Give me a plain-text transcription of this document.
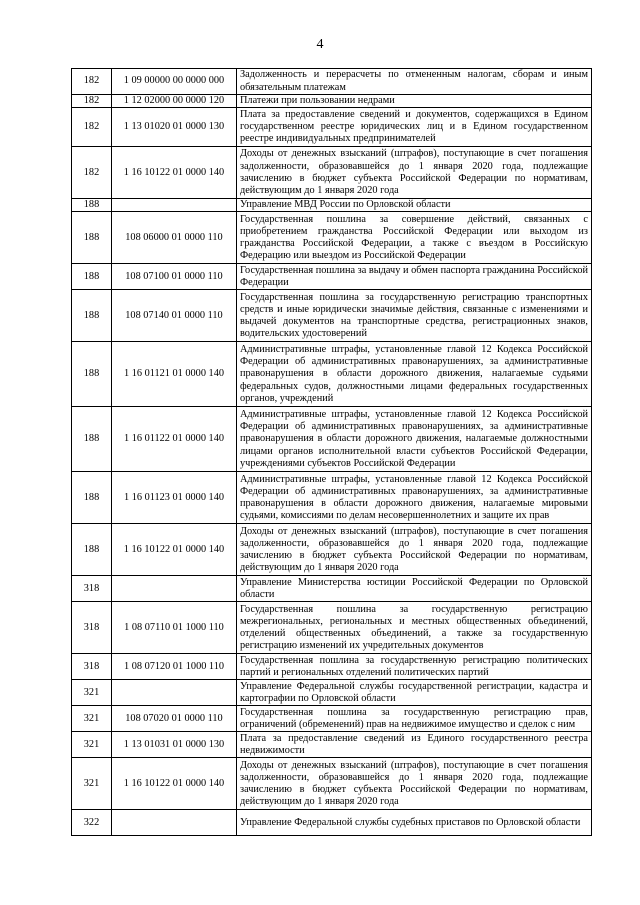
4
182	1 09 00000 00 0000 000	Задолженность и перерасчеты по отмененным налогам, сборам и иным обязательным платежам

182	1 12 02000 00 0000 120	Платежи при пользовании недрами

182	1 13 01020 01 0000 130	Плата за предоставление сведений и документов, содержащихся в Едином государственном реестре юридических лиц и в Едином государственном реестре индивидуальных предпринимателей

182	1 16 10122 01 0000 140	Доходы от денежных взысканий (штрафов), поступающие в счет погашения задолженности, образовавшейся до 1 января 2020 года, подлежащие зачислению в бюджет субъекта Российской Федерации по нормативам, действующим до 1 января 2020 года

188		Управление МВД России по Орловской области

188	108 06000 01 0000 110	Государственная пошлина за совершение действий, связанных с приобретением гражданства Российской Федерации или выходом из гражданства Российской Федерации, а также с въездом в Российскую Федерацию или выездом из Российской Федерации

188	108 07100 01 0000 110	Государственная пошлина за выдачу и обмен паспорта гражданина Российской Федерации

188	108 07140 01 0000 110	Государственная пошлина за государственную регистрацию транспортных средств и иные юридически значимые действия, связанные с изменениями и выдачей документов на транспортные средства, регистрационных знаков, водительских удостоверений

188	1 16 01121 01 0000 140	Административные штрафы, установленные главой 12 Кодекса Российской Федерации об административных правонарушениях, за административные правонарушения в области дорожного движения, налагаемые судьями федеральных судов, должностными лицами федеральных государственных органов, учреждений

188	1 16 01122 01 0000 140	Административные штрафы, установленные главой 12 Кодекса Российской Федерации об административных правонарушениях, за административные правонарушения в области дорожного движения, налагаемые должностными лицами органов исполнительной власти субъектов Российской Федерации, учреждениями субъектов Российской Федерации

188	1 16 01123 01 0000 140	Административные штрафы, установленные главой 12 Кодекса Российской Федерации об административных правонарушениях, за административные правонарушения в области дорожного движения, налагаемые мировыми судьями, комиссиями по делам несовершеннолетних и защите их прав

188	1 16 10122 01 0000 140	Доходы от денежных взысканий (штрафов), поступающие в счет погашения задолженности, образовавшейся до 1 января 2020 года, подлежащие зачислению в бюджет субъекта Российской Федерации по нормативам, действующим до 1 января 2020 года

318		Управление Министерства юстиции Российской Федерации по Орловской области

318	1 08 07110 01 1000 110	Государственная пошлина за государственную регистрацию межрегиональных, региональных и местных общественных объединений, отделений общественных объединений, а также за государственную регистрацию изменений их учредительных документов

318	1 08 07120 01 1000 110	Государственная пошлина за государственную регистрацию политических партий и региональных отделений политических партий

321		Управление Федеральной службы государственной регистрации, кадастра и картографии по Орловской области

321	108 07020 01 0000 110	Государственная пошлина за государственную регистрацию прав, ограничений (обременений) прав на недвижимое имущество и сделок с ним

321	1 13 01031 01 0000 130	Плата за предоставление сведений из Единого государственного реестра недвижимости

321	1 16 10122 01 0000 140	Доходы от денежных взысканий (штрафов), поступающие в счет погашения задолженности, образовавшейся до 1 января 2020 года, подлежащие зачислению в бюджет субъекта Российской Федерации по нормативам, действующим до 1 января 2020 года

322		Управление Федеральной службы судебных приставов по Орловской области
